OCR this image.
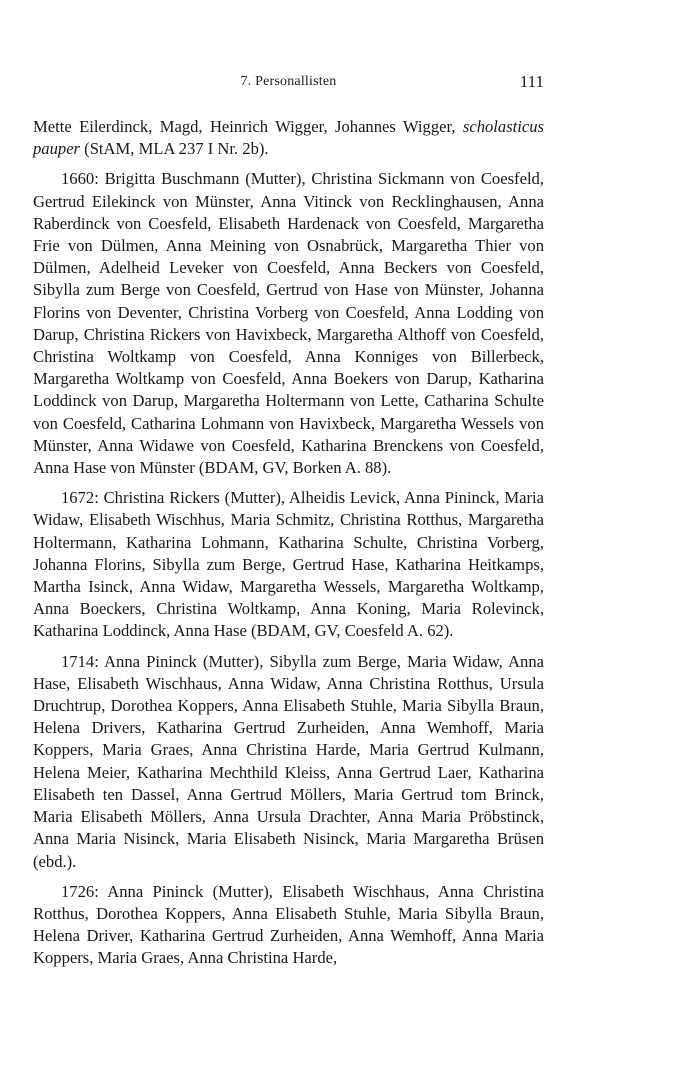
7. Personallisten	111

Mette Eilerdinck, Magd, Heinrich Wigger, Johannes Wigger, scholasticus pauper (StAM, MLA 237 I Nr. 2b).

1660: Brigitta Buschmann (Mutter), Christina Sickmann von Coesfeld, Gertrud Eilekinck von Münster, Anna Vitinck von Recklinghausen, Anna Raberdinck von Coesfeld, Elisabeth Hardenack von Coesfeld, Margaretha Frie von Dülmen, Anna Meining von Osnabrück, Margaretha Thier von Dülmen, Adelheid Leveker von Coesfeld, Anna Beckers von Coesfeld, Sibylla zum Berge von Coesfeld, Gertrud von Hase von Münster, Johanna Florins von Deventer, Christina Vorberg von Coesfeld, Anna Lodding von Darup, Christina Rickers von Havixbeck, Margaretha Althoff von Coesfeld, Christina Woltkamp von Coesfeld, Anna Konniges von Billerbeck, Margaretha Woltkamp von Coesfeld, Anna Boekers von Darup, Katharina Loddinck von Darup, Margaretha Holtermann von Lette, Catharina Schulte von Coesfeld, Catharina Lohmann von Havixbeck, Margaretha Wessels von Münster, Anna Widawe von Coesfeld, Katharina Brenckens von Coesfeld, Anna Hase von Münster (BDAM, GV, Borken A. 88).

1672: Christina Rickers (Mutter), Alheidis Levick, Anna Pininck, Maria Widaw, Elisabeth Wischhus, Maria Schmitz, Christina Rotthus, Margaretha Holtermann, Katharina Lohmann, Katharina Schulte, Christina Vorberg, Johanna Florins, Sibylla zum Berge, Gertrud Hase, Katharina Heitkamps, Martha Isinck, Anna Widaw, Margaretha Wessels, Margaretha Woltkamp, Anna Boeckers, Christina Woltkamp, Anna Koning, Maria Rolevinck, Katharina Loddinck, Anna Hase (BDAM, GV, Coesfeld A. 62).

1714: Anna Pininck (Mutter), Sibylla zum Berge, Maria Widaw, Anna Hase, Elisabeth Wischhaus, Anna Widaw, Anna Christina Rotthus, Ursula Druchtrup, Dorothea Koppers, Anna Elisabeth Stuhle, Maria Sibylla Braun, Helena Drivers, Katharina Gertrud Zurheiden, Anna Wemhoff, Maria Koppers, Maria Graes, Anna Christina Harde, Maria Gertrud Kulmann, Helena Meier, Katharina Mechthild Kleiss, Anna Gertrud Laer, Katharina Elisabeth ten Dassel, Anna Gertrud Möllers, Maria Gertrud tom Brinck, Maria Elisabeth Möllers, Anna Ursula Drachter, Anna Maria Pröbstinck, Anna Maria Nisinck, Maria Elisabeth Nisinck, Maria Margaretha Brüsen (ebd.).

1726: Anna Pininck (Mutter), Elisabeth Wischhaus, Anna Christina Rotthus, Dorothea Koppers, Anna Elisabeth Stuhle, Maria Sibylla Braun, Helena Driver, Katharina Gertrud Zurheiden, Anna Wemhoff, Anna Maria Koppers, Maria Graes, Anna Christina Harde,
